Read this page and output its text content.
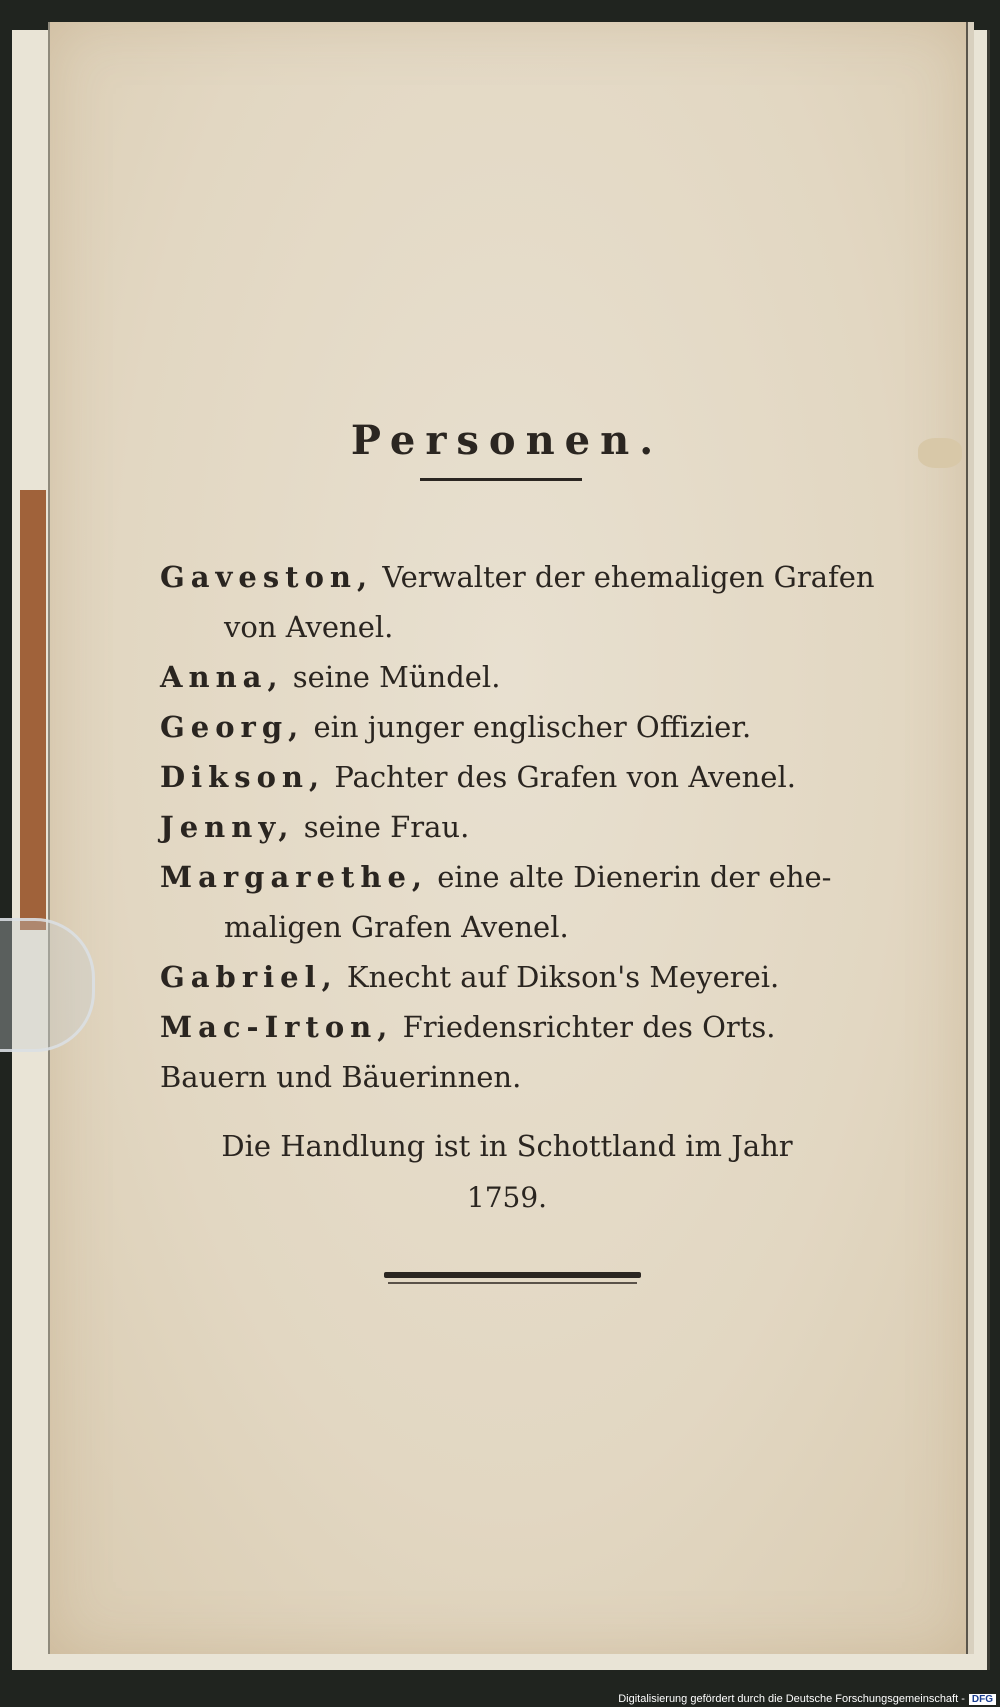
Personen.
Gaveston, Verwalter der ehemaligen Grafen
von Avenel.
Anna, seine Mündel.
Georg, ein junger englischer Offizier.
Dikson, Pachter des Grafen von Avenel.
Jenny, seine Frau.
Margarethe, eine alte Dienerin der ehe-
maligen Grafen Avenel.
Gabriel, Knecht auf Dikson's Meyerei.
Mac-Irton, Friedensrichter des Orts.
Bauern und Bäuerinnen.
Die Handlung ist in Schottland im Jahr
1759.
Digitalisierung gefördert durch die Deutsche Forschungsgemeinschaft - DFG
